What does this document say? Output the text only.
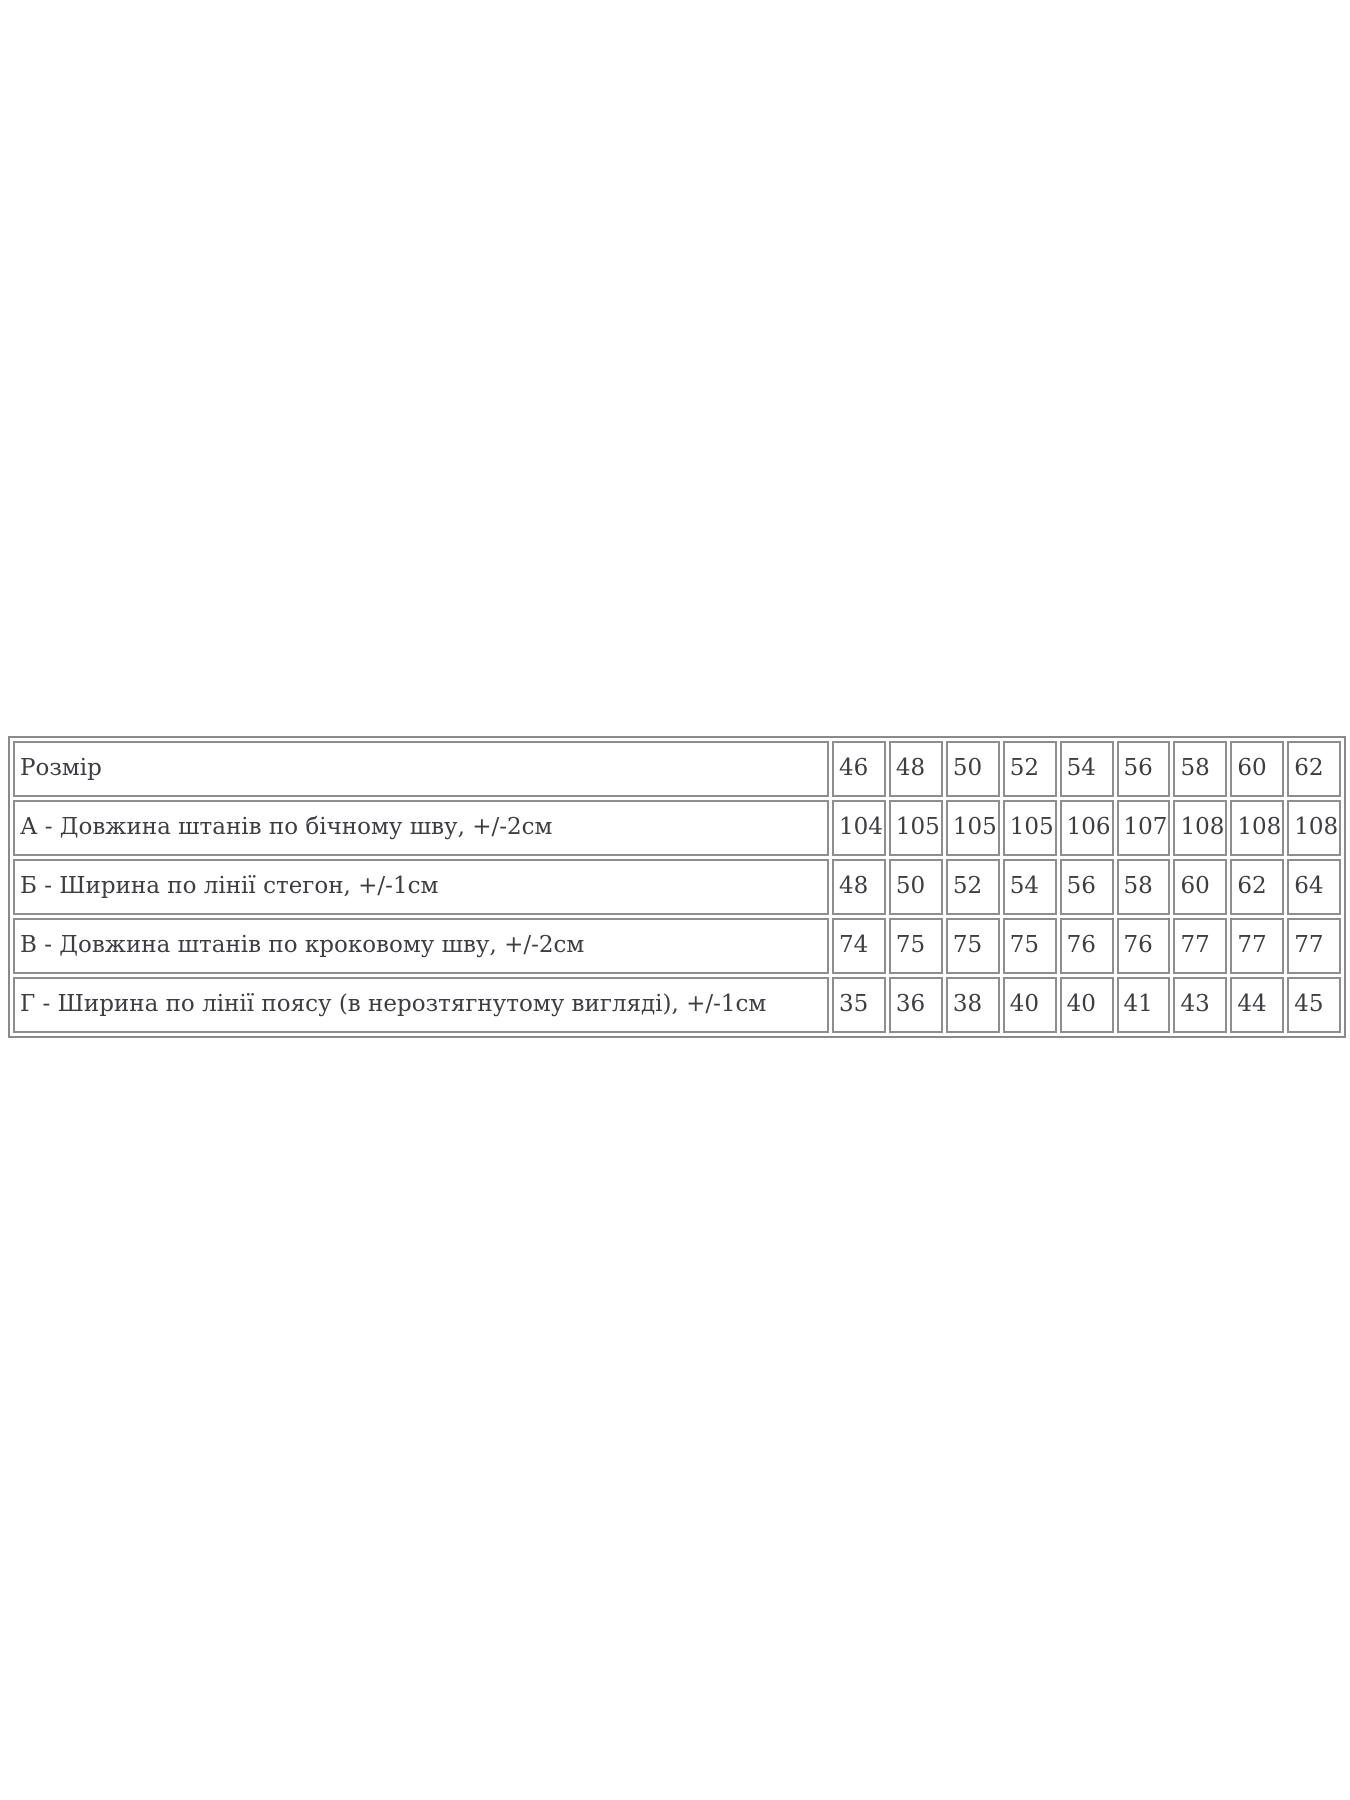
Розмір	46	48	50	52	54	56	58	60	62
А - Довжина штанів по бічному шву, +/-2см	104	105	105	105	106	107	108	108	108
Б - Ширина по лінії стегон, +/-1см	48	50	52	54	56	58	60	62	64
В - Довжина штанів по кроковому шву, +/-2см	74	75	75	75	76	76	77	77	77
Г - Ширина по лінії поясу (в нерозтягнутому вигляді), +/-1см	35	36	38	40	40	41	43	44	45
